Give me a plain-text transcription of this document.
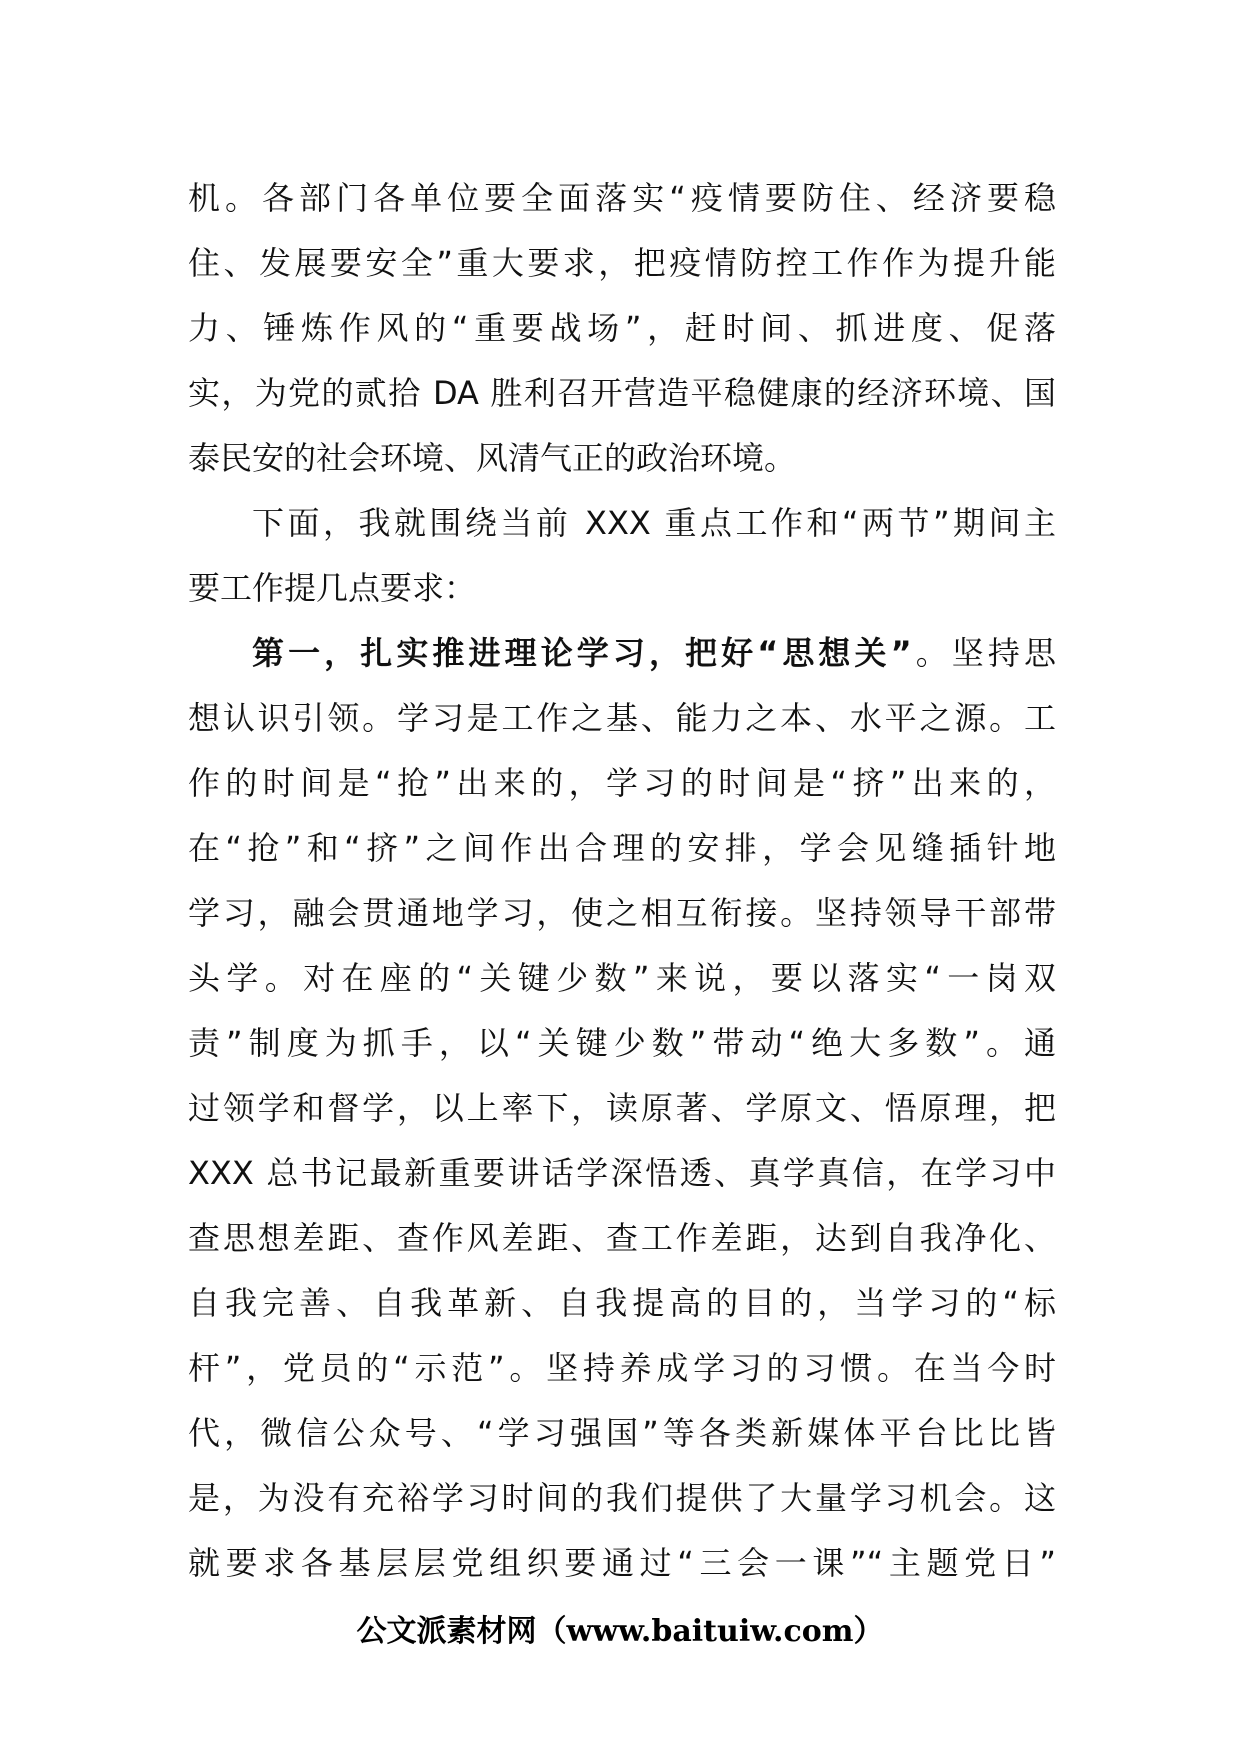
机。各部门各单位要全面落实“疫情要防住、经济要稳
住、发展要安全”重大要求，把疫情防控工作作为提升能
力、锤炼作风的“重要战场”，赶时间、抓进度、促落
实，为党的贰拾 DA 胜利召开营造平稳健康的经济环境、国
泰民安的社会环境、风清气正的政治环境。
下面，我就围绕当前 XXX 重点工作和“两节”期间主
要工作提几点要求：
第一，扎实推进理论学习，把好“思想关”。坚持思
想认识引领。学习是工作之基、能力之本、水平之源。工
作的时间是“抢”出来的，学习的时间是“挤”出来的，
在“抢”和“挤”之间作出合理的安排，学会见缝插针地
学习，融会贯通地学习，使之相互衔接。坚持领导干部带
头学。对在座的“关键少数”来说，要以落实“一岗双
责”制度为抓手，以“关键少数”带动“绝大多数”。通
过领学和督学，以上率下，读原著、学原文、悟原理，把
XXX 总书记最新重要讲话学深悟透、真学真信，在学习中
查思想差距、查作风差距、查工作差距，达到自我净化、
自我完善、自我革新、自我提高的目的，当学习的“标
杆”，党员的“示范”。坚持养成学习的习惯。在当今时
代，微信公众号、“学习强国”等各类新媒体平台比比皆
是，为没有充裕学习时间的我们提供了大量学习机会。这
就要求各基层层党组织要通过“三会一课”“主题党日”
公文派素材网（www.baituiw.com）
